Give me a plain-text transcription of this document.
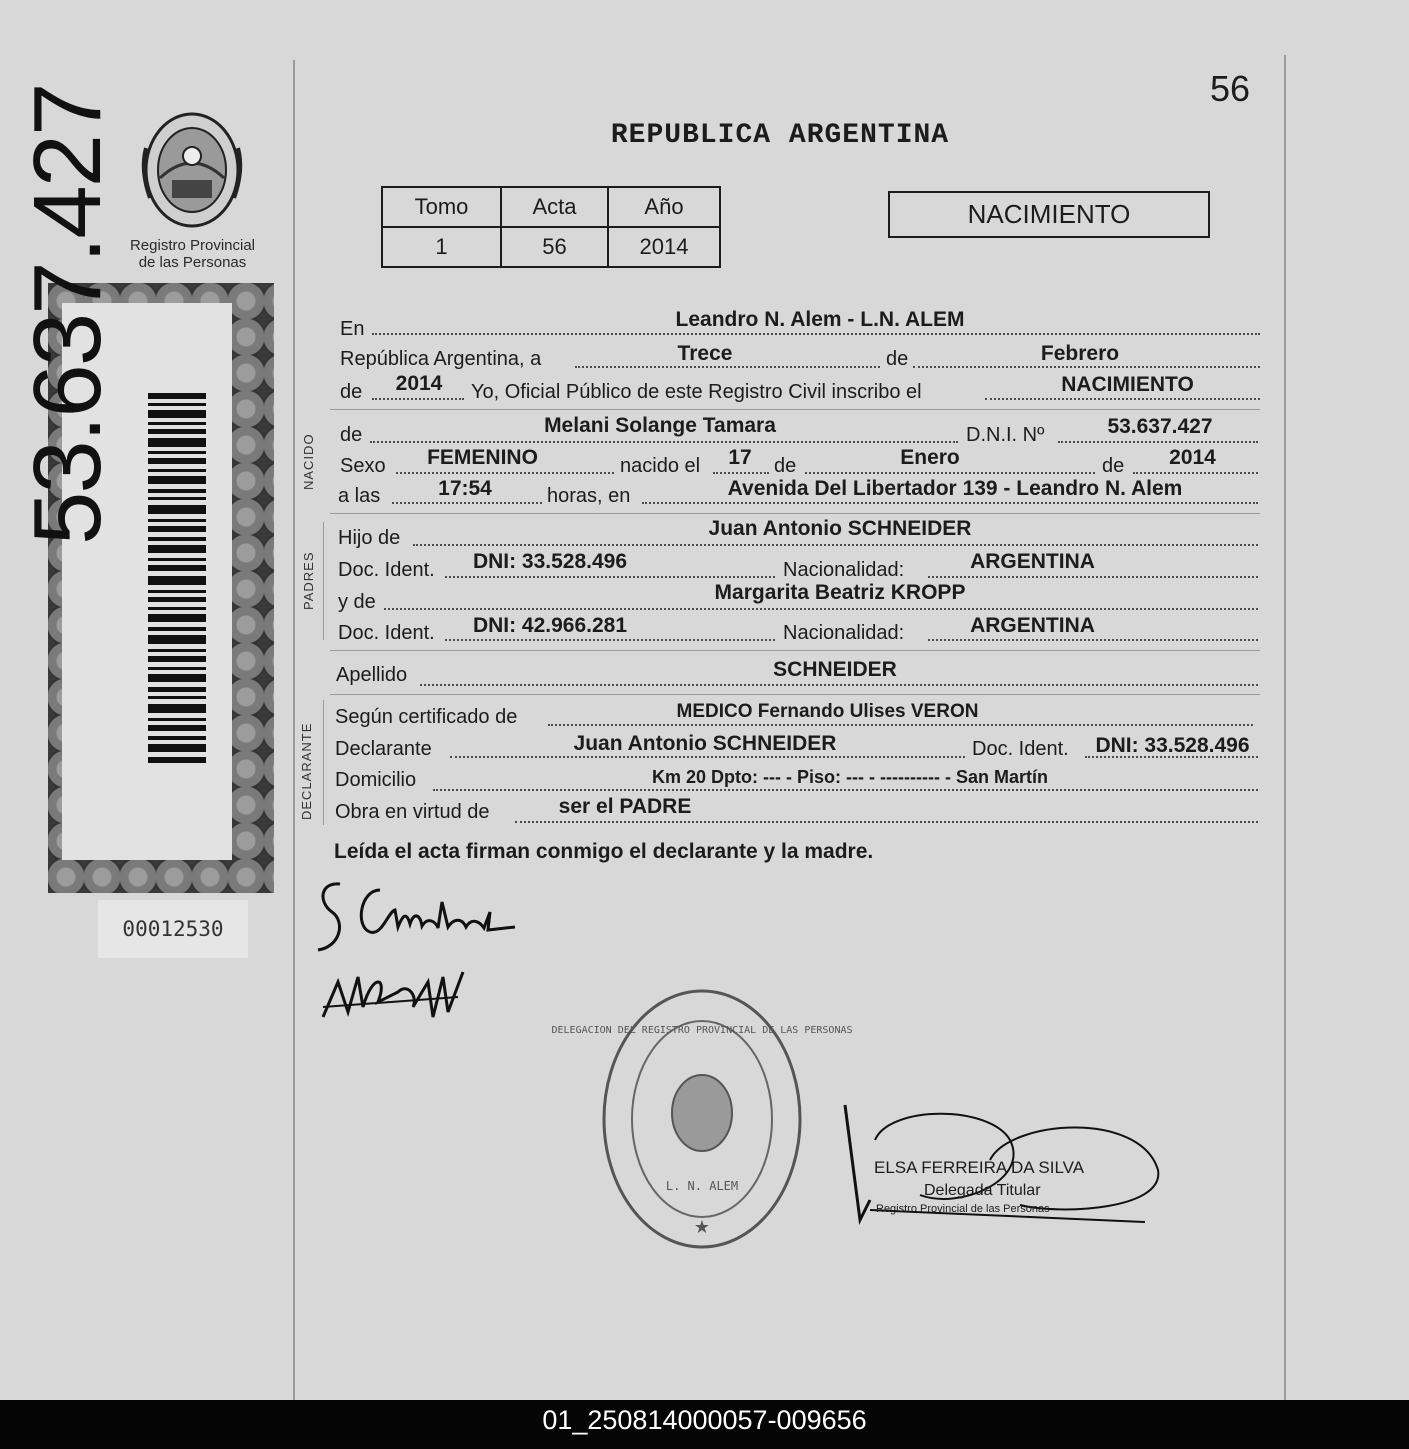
Registro Provincial
de las Personas
53.637.427
00012530
56
REPUBLICA ARGENTINA
Tomo	Acta	Año
1	56	2014
NACIMIENTO
NACIDO
PADRES
DECLARANTE
En	Leandro N. Alem - L.N. ALEM
República Argentina, a	Trece	de	Febrero
de	2014	Yo, Oficial Público de este Registro Civil inscribo el	NACIMIENTO
de	Melani Solange Tamara	D.N.I. Nº	53.637.427
Sexo	FEMENINO	nacido el	17	de	Enero	de	2014
a las	17:54	horas, en	Avenida Del Libertador 139 - Leandro N. Alem
Hijo de	Juan Antonio SCHNEIDER
Doc. Ident.	DNI: 33.528.496	Nacionalidad:	ARGENTINA
y de	Margarita Beatriz KROPP
Doc. Ident.	DNI: 42.966.281	Nacionalidad:	ARGENTINA
Apellido	SCHNEIDER
Según certificado de	MEDICO Fernando Ulises VERON
Declarante	Juan Antonio SCHNEIDER	Doc. Ident.	DNI: 33.528.496
Domicilio	Km 20 Dpto: --- - Piso: --- - ---------- - San Martín
Obra en virtud de	ser el PADRE
Leída el acta firman conmigo el declarante y la madre.
DELEGACION DEL REGISTRO PROVINCIAL DE LAS PERSONAS
L. N. ALEM
★
ELSA FERREIRA DA SILVA
Delegada Titular
Registro Provincial de las Personas
01_250814000057-009656
